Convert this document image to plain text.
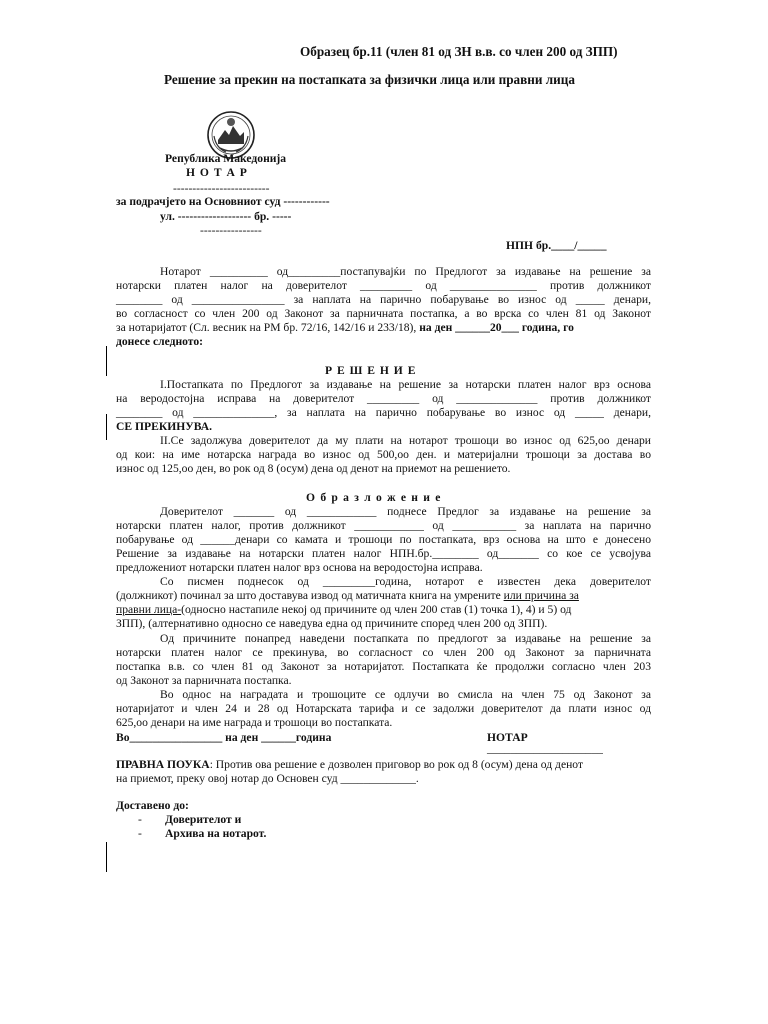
Образец бр.11 (член 81 од ЗН в.в. со член 200 од ЗПП)
Решение за прекин на постапката за физички лица или правни лица
Република Македонија
Н О Т А Р
-------------------------
за подрачјето на Основниот суд ------------
ул. ------------------- бр. -----
----------------
НПН бр.____/_____
Нотарот __________ од_________постапувајќи по Предлогот за издавање на решение за
нотарски платен налог на доверителот _________ од _______________ против должникот
________ од ________________ за наплата на парично побарување во износ од _____ денари,
во согласност со член 200 од Законот за парничната постапка, а во врска со член 81 од Законот
за нотаријатот (Сл. весник на РМ бр. 72/16, 142/16 и 233/18), на ден ______20___ година, го
донесе следното:
Р Е Ш Е Н И Е
I.Постапката по Предлогот за издавање на решение за нотарски платен налог врз основа
на веродостојна исправа на доверителот _________ од ______________ против должникот
________ од ______________, за наплата на парично побарување во износ од _____ денари,
СЕ ПРЕКИНУВА.
II.Се задолжува доверителот да му плати на нотарот трошоци во износ од 625,оо денари
од кои: на име нотарска награда во износ од 500,оо ден. и материјални трошоци за достава во
износ од 125,оо ден, во рок од 8 (осум) дена од денот на приемот на решението.
О б р а з л о ж е н и е
Доверителот _______ од ____________ поднесе Предлог за издавање на решение за
нотарски платен налог, против должникот ____________ од ___________ за наплата на парично
побарување од ______денари со камата и трошоци по постапката, врз основа на што е донесено
Решение за издавање на нотарски платен налог НПН.бр.________ од_______ со кое се усвојува
предложениот нотарски платен налог врз основа на веродостојна исправа.
Со писмен поднесок од _________година, нотарот е известен дека доверителот
(должникот) починал за што доставува извод од матичната книга на умрените или причина за
правни лица-(односно настапиле некој од причините од член 200 став (1) точка 1), 4) и 5) од
ЗПП), (алтернативно односно се наведува една од причините според член 200 од ЗПП).
Од причините понапред наведени постапката по предлогот за издавање на решение за
нотарски платен налог се прекинува, во согласност со член 200 од Законот за парничната
постапка в.в. со член 81 од Законот за нотаријатот. Постапката ќе продолжи согласно член 203
од Законот за парничната постапка.
Во однос на наградата и трошоците се одлучи во смисла на член 75 од Законот за
нотаријатот и член 24 и 28 од Нотарската тарифа и се задолжи доверителот да плати износ од
625,оо денари на име награда и трошоци во постапката.
Во________________ на ден ______година	НОТАР
____________________
ПРАВНА ПОУКА: Против ова решение е дозволен приговор во рок од 8 (осум) дена од денот
на приемот, преку овој нотар до Основен суд _____________.
Доставено до:
- Доверителот и
- Архива на нотарот.
